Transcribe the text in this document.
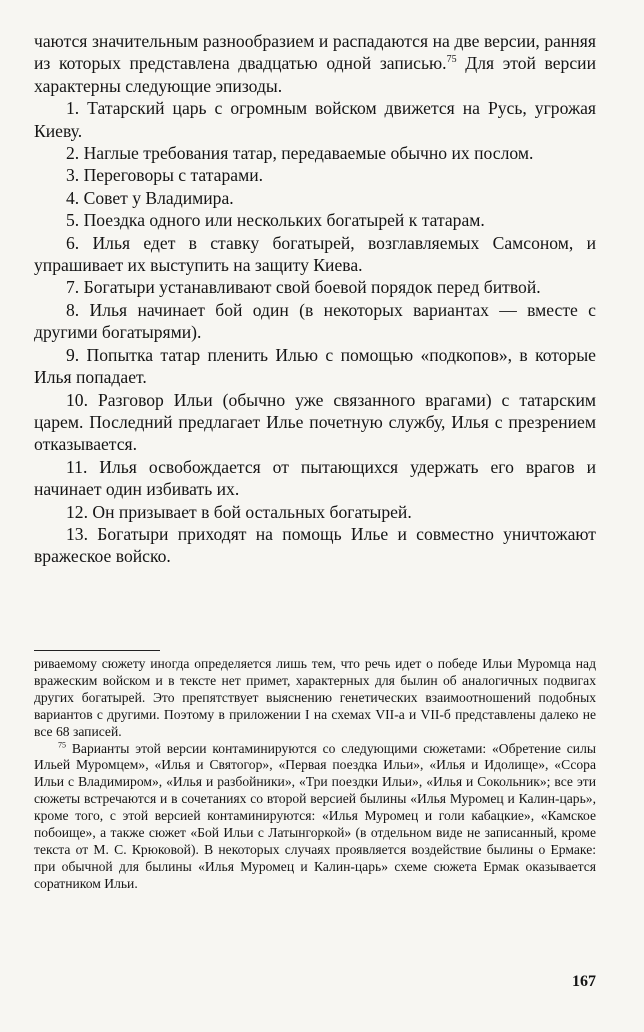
чаются значительным разнообразием и распадаются на две версии, ранняя из которых представлена двадцатью одной записью.$^{75}$ Для этой версии характерны следующие эпизоды.

1. Татарский царь с огромным войском движется на Русь, угрожая Киеву.

2. Наглые требования татар, передаваемые обычно их послом.

3. Переговоры с татарами.

4. Совет у Владимира.

5. Поездка одного или нескольких богатырей к татарам.

6. Илья едет в ставку богатырей, возглавляемых Самсоном, и упрашивает их выступить на защиту Киева.

7. Богатыри устанавливают свой боевой порядок перед битвой.

8. Илья начинает бой один (в некоторых вариантах — вместе с другими богатырями).

9. Попытка татар пленить Илью с помощью «подкопов», в которые Илья попадает.

10. Разговор Ильи (обычно уже связанного врагами) с татарским царем. Последний предлагает Илье почетную службу, Илья с презрением отказывается.

11. Илья освобождается от пытающихся удержать его врагов и начинает один избивать их.

12. Он призывает в бой остальных богатырей.

13. Богатыри приходят на помощь Илье и совместно уничтожают вражеское войско.

риваемому сюжету иногда определяется лишь тем, что речь идет о победе Ильи Муромца над вражеским войском и в тексте нет примет, характерных для былин об аналогичных подвигах других богатырей. Это препятствует выяснению генетических взаимоотношений подобных вариантов с другими. Поэтому в приложении I на схемах VII-а и VII-б представлены далеко не все 68 записей.

$^{75}$ Варианты этой версии контаминируются со следующими сюжетами: «Обретение силы Ильей Муромцем», «Илья и Святогор», «Первая поездка Ильи», «Илья и Идолище», «Ссора Ильи с Владимиром», «Илья и разбойники», «Три поездки Ильи», «Илья и Сокольник»; все эти сюжеты встречаются и в сочетаниях со второй версией былины «Илья Муромец и Калин-царь», кроме того, с этой версией контаминируются: «Илья Муромец и голи кабацкие», «Камское побоище», а также сюжет «Бой Ильи с Латынгоркой» (в отдельном виде не записанный, кроме текста от М. С. Крюковой). В некоторых случаях проявляется воздействие былины о Ермаке: при обычной для былины «Илья Муромец и Калин-царь» схеме сюжета Ермак оказывается соратником Ильи.

167
